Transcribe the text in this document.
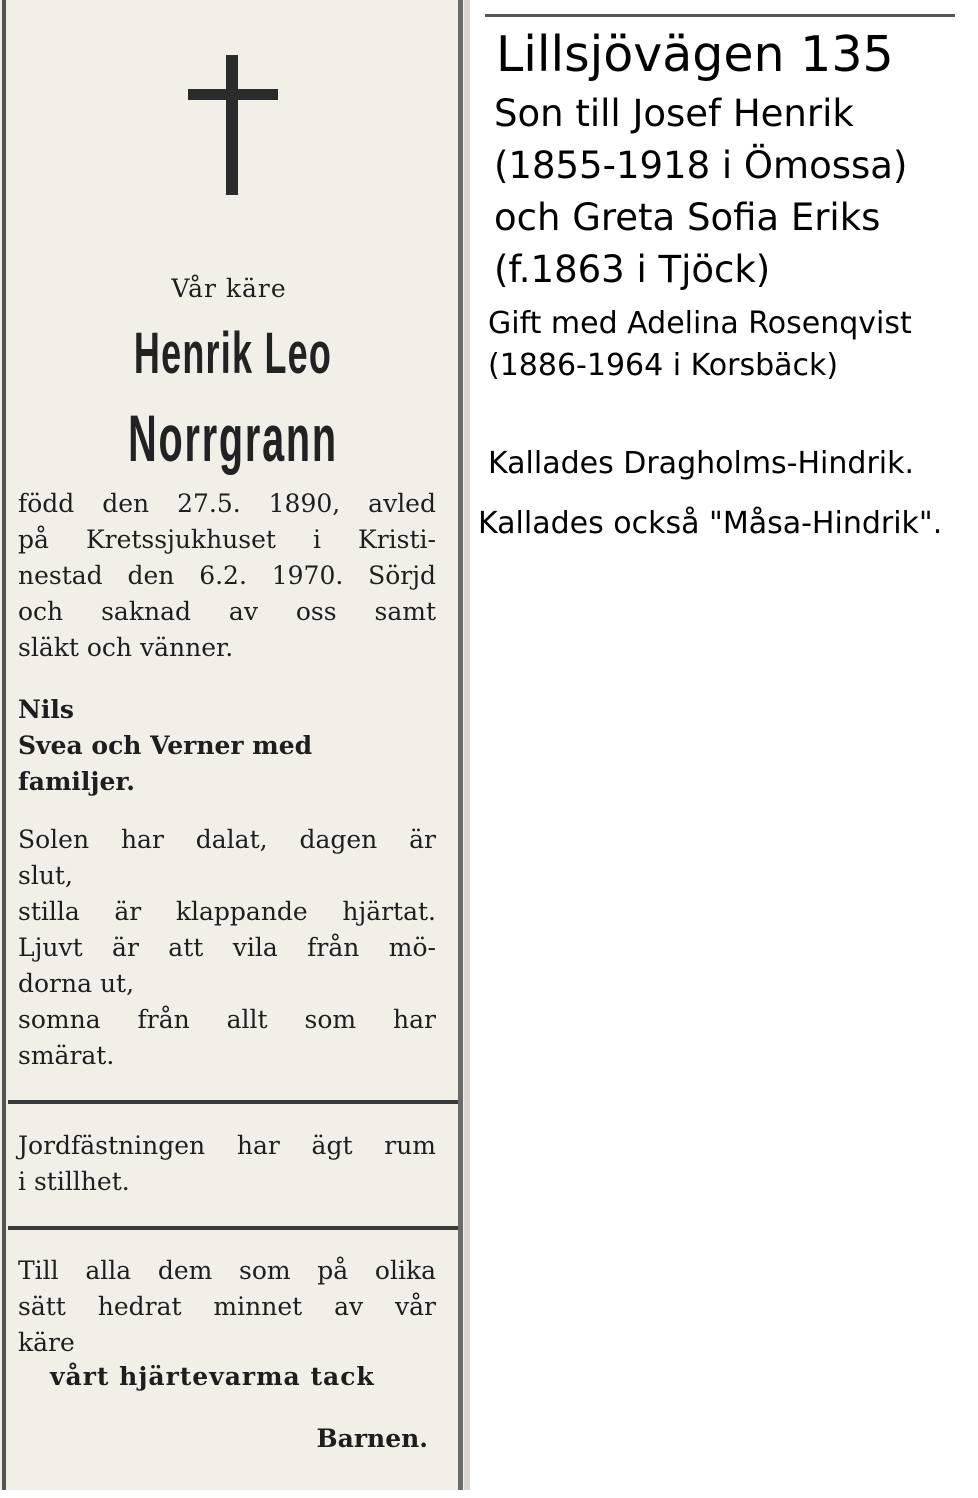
Vår käre
Henrik Leo
Norrgrann
född den 27.5. 1890, avled
på Kretssjukhuset i Kristi-
nestad den 6.2. 1970. Sörjd
och saknad av oss samt
släkt och vänner.
Nils
Svea och Verner med
familjer.
Solen har dalat, dagen är
slut,
stilla är klappande hjärtat.
Ljuvt är att vila från mö-
dorna ut,
somna från allt som har
smärat.
Jordfästningen har ägt rum
i stillhet.
Till alla dem som på olika
sätt hedrat minnet av vår
käre
vårt hjärtevarma tack
Barnen.
Lillsjövägen 135
Son till Josef Henrik
(1855-1918 i Ömossa)
och Greta Sofia Eriks
(f.1863 i Tjöck)
Gift med Adelina Rosenqvist
(1886-1964 i Korsbäck)
Kallades Dragholms-Hindrik.
Kallades också "Måsa-Hindrik".
